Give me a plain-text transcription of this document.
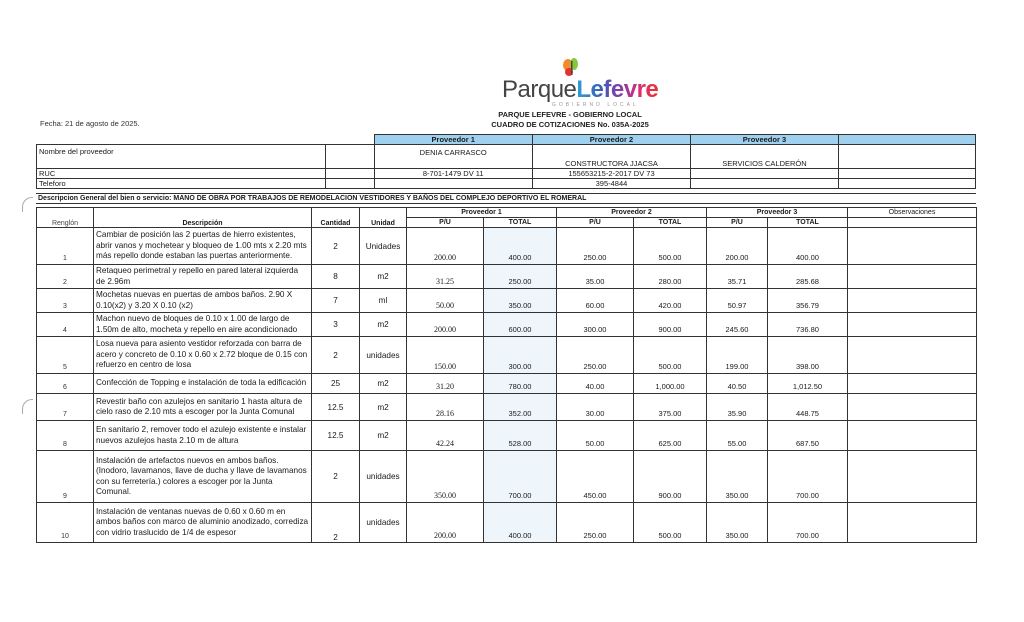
ParqueLefevre
GOBIERNO LOCAL
PARQUE LEFEVRE - GOBIERNO LOCAL
CUADRO DE COTIZACIONES No. 035A-2025
Fecha: 21 de agosto de 2025.
		Proveedor 1	Proveedor 2	Proveedor 3	
Nombre del proveedor		DENIA CARRASCO	CONSTRUCTORA JJACSA	SERVICIOS CALDERÓN	
RUC		8-701-1479 DV 11	155653215-2-2017 DV 73		
Teleforo			395-4844		
Descripcion General del bien o servicio: MANO DE OBRA POR TRABAJOS DE REMODELACION VESTIDORES Y BAÑOS DEL COMPLEJO DEPORTIVO EL ROMERAL
Renglón	Descripción	Cantidad	Unidad	Proveedor 1		Proveedor 2		Proveedor 3		Observaciones
				P/U	TOTAL	P/U	TOTAL	P/U	TOTAL	
1	Cambiar de posición las 2 puertas de hierro existentes, abrir vanos y mochetear y bloqueo de 1.00 mts x 2.20 mts más repello donde estaban las puertas anteriormente.	2	Unidades	200.00	400.00	250.00	500.00	200.00	400.00	
2	Retaqueo perimetral y repello en pared lateral izquierda de 2.96m	8	m2	31.25	250.00	35.00	280.00	35.71	285.68	
3	Mochetas nuevas en puertas de ambos baños. 2.90 X 0.10(x2) y 3.20 X 0.10 (x2)	7	ml	50.00	350.00	60.00	420.00	50.97	356.79	
4	Machon nuevo de bloques de 0.10 x 1.00 de largo de 1.50m de alto, mocheta y repello en aire acondicionado	3	m2	200.00	600.00	300.00	900.00	245.60	736.80	
5	Losa nueva para asiento vestidor reforzada con barra de acero y concreto de 0.10 x 0.60 x 2.72 bloque de 0.15 con refuerzo en centro de losa	2	unidades	150.00	300.00	250.00	500.00	199.00	398.00	
6	Confección de Topping e instalación de toda la edificación	25	m2	31.20	780.00	40.00	1,000.00	40.50	1,012.50	
7	Revestir baño con azulejos en sanitario 1 hasta altura de cielo raso de 2.10 mts a escoger por la Junta Comunal	12.5	m2	28.16	352.00	30.00	375.00	35.90	448.75	
8	En sanitario 2, remover todo el azulejo existente e instalar nuevos azulejos hasta 2.10 m de altura	12.5	m2	42.24	528.00	50.00	625.00	55.00	687.50	
9	Instalación de artefactos nuevos en ambos baños. (Inodoro, lavamanos, llave de ducha y llave de lavamanos con su ferretería.) colores a escoger por la Junta Comunal.	2	unidades	350.00	700.00	450.00	900.00	350.00	700.00	
10	Instalación de ventanas nuevas de 0.60 x 0.60 m en ambos baños con marco de aluminio anodizado, corrediza con vidrio traslucido de 1/4 de espesor	2	unidades	200.00	400.00	250.00	500.00	350.00	700.00	
